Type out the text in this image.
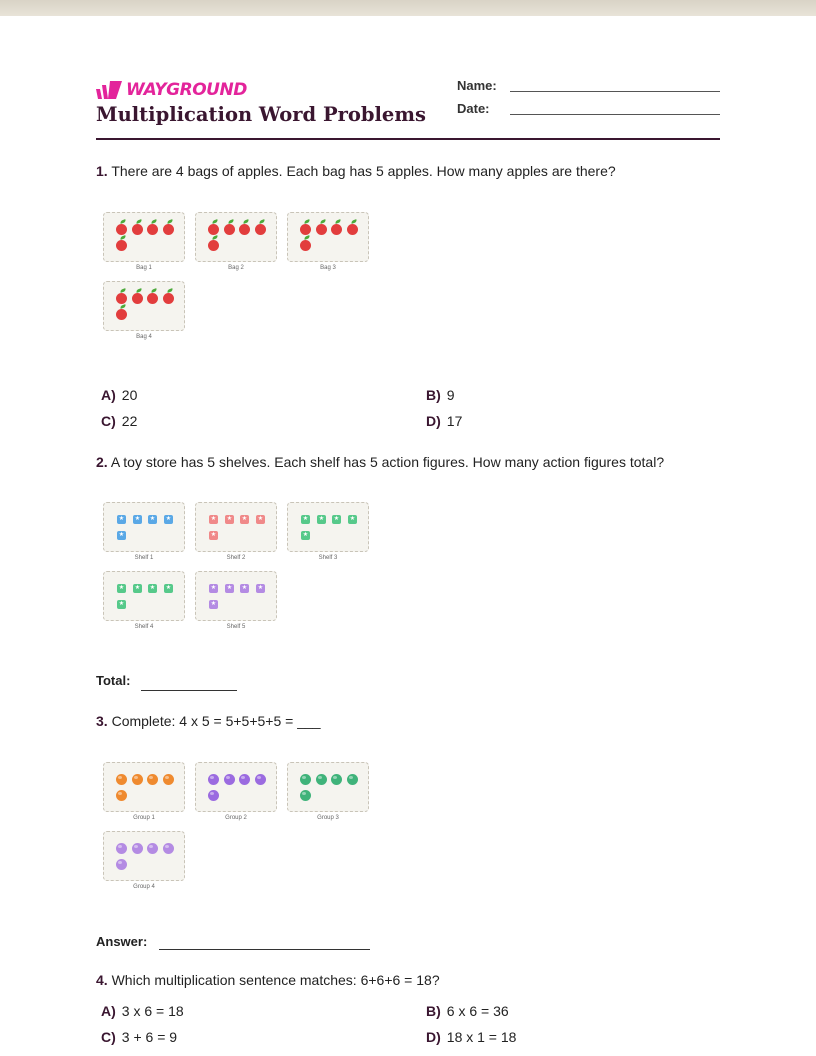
WAYGROUND
Multiplication Word Problems
Name:
Date:
1. There are 4 bags of apples. Each bag has 5 apples. How many apples are there?
Bag 1	Bag 2	Bag 3
Bag 4
A) 20	B) 9
C) 22	D) 17
2. A toy store has 5 shelves. Each shelf has 5 action figures. How many action figures total?
★	★	★	★
★
Shelf 1
★	★	★	★
★
Shelf 2
★	★	★	★
★
Shelf 3
★	★	★	★
★
Shelf 4
★	★	★	★
★
Shelf 5
Total:
3. Complete: 4 x 5 = 5+5+5+5 = ___
Group 1	Group 2	Group 3
Group 4
Answer:
4. Which multiplication sentence matches: 6+6+6 = 18?
A) 3 x 6 = 18	B) 6 x 6 = 36
C) 3 + 6 = 9	D) 18 x 1 = 18
